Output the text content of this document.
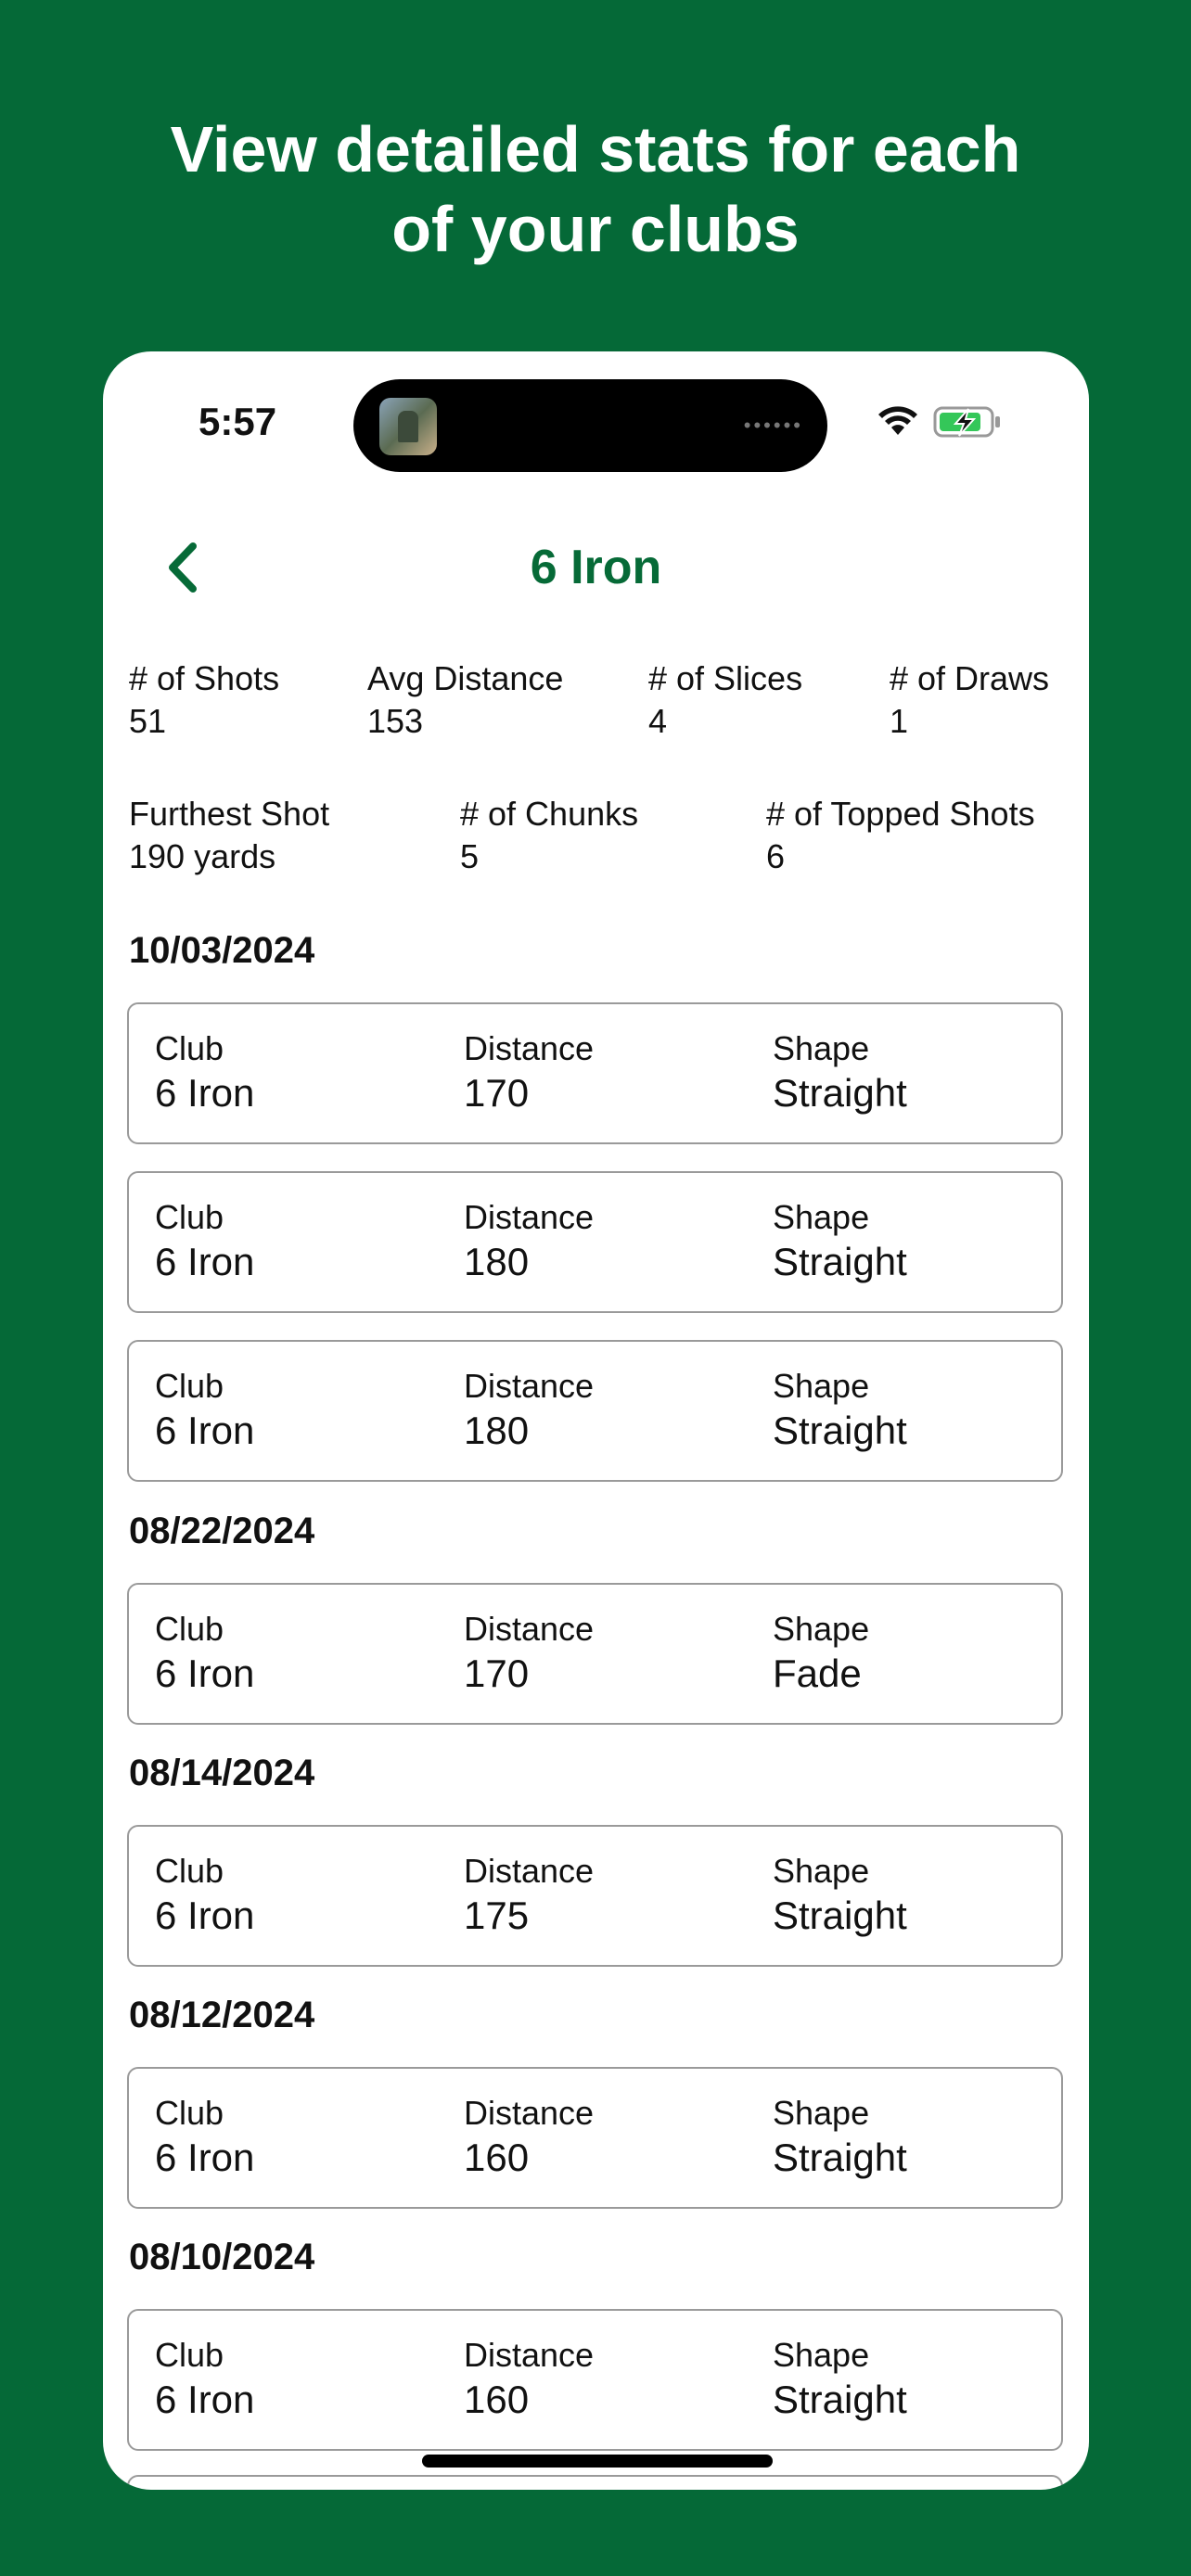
View detailed stats for each
of your clubs
5:57	••••••
6 Iron
# of Shots
51
Avg Distance
153
# of Slices
4
# of Draws
1
Furthest Shot
190 yards
# of Chunks
5
# of Topped Shots
6
10/03/2024
Club
6 Iron
Distance
170
Shape
Straight
Club
6 Iron
Distance
180
Shape
Straight
Club
6 Iron
Distance
180
Shape
Straight
08/22/2024
Club
6 Iron
Distance
170
Shape
Fade
08/14/2024
Club
6 Iron
Distance
175
Shape
Straight
08/12/2024
Club
6 Iron
Distance
160
Shape
Straight
08/10/2024
Club
6 Iron
Distance
160
Shape
Straight
